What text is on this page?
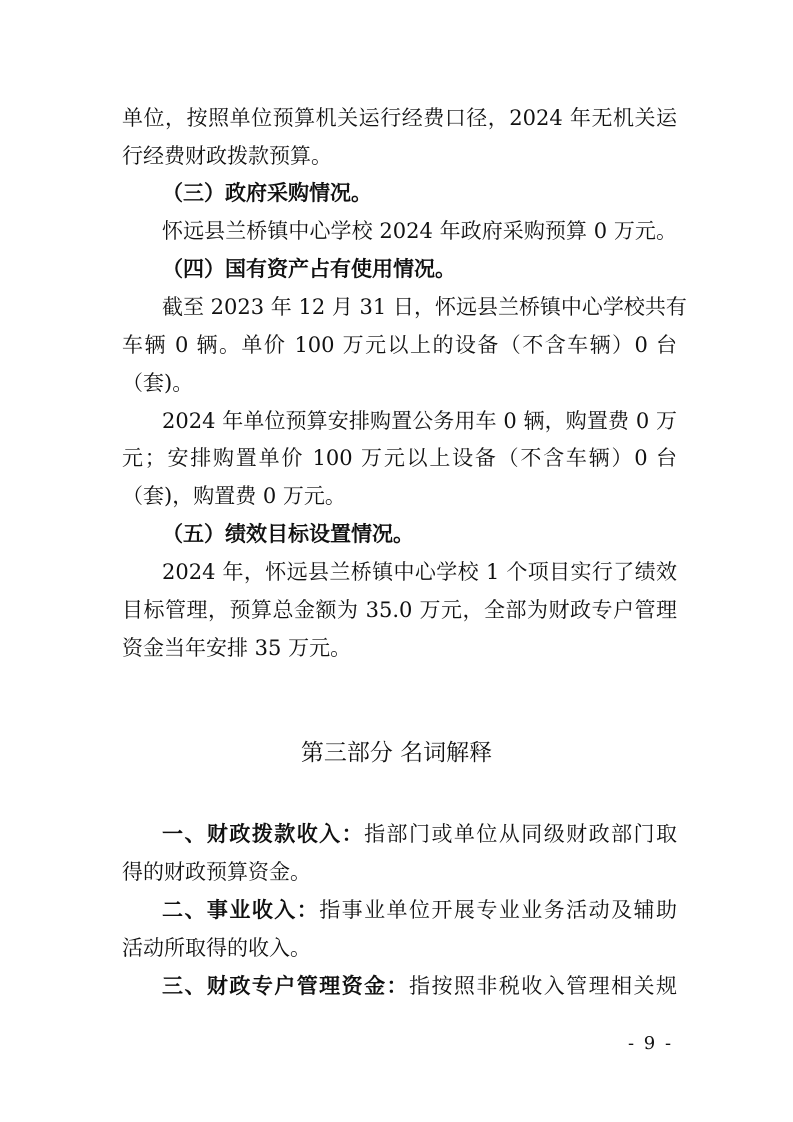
单位，按照单位预算机关运行经费口径，2024 年无机关运
行经费财政拨款预算。
（三）政府采购情况。
怀远县兰桥镇中心学校 2024 年政府采购预算 0 万元。
（四）国有资产占有使用情况。
截至 2023 年 12 月 31 日，怀远县兰桥镇中心学校共有
车辆 0 辆。单价 100 万元以上的设备（不含车辆）0 台
（套)。
2024 年单位预算安排购置公务用车 0 辆，购置费 0 万
元；安排购置单价 100 万元以上设备（不含车辆）0 台
（套)，购置费 0 万元。
（五）绩效目标设置情况。
2024 年，怀远县兰桥镇中心学校 1 个项目实行了绩效
目标管理，预算总金额为 35.0 万元，全部为财政专户管理
资金当年安排 35 万元。
第三部分 名词解释
一、财政拨款收入：指部门或单位从同级财政部门取
得的财政预算资金。
二、事业收入：指事业单位开展专业业务活动及辅助
活动所取得的收入。
三、财政专户管理资金：指按照非税收入管理相关规
- 9 -
